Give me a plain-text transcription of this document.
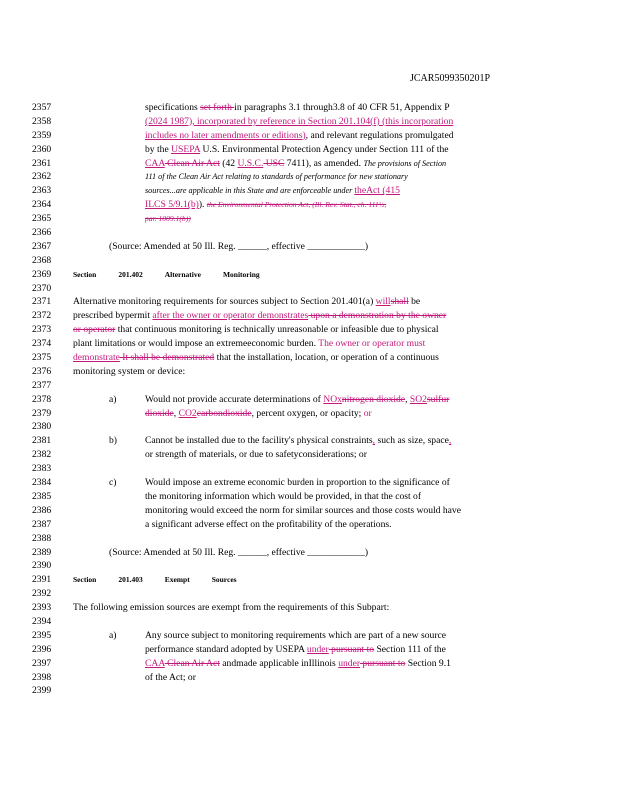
JCAR5099350201P
2357
2358
2359
2360
2361
2362
2363
2364
2365
2366
2367
2368
2369
2370
2371
2372
2373
2374
2375
2376
2377
2378
2379
2380
2381
2382
2383
2384
2385
2386
2387
2388
2389
2390
2391
2392
2393
2394
2395
2396
2397
2398
2399
specifications set forth in paragraphs 3.1 through3.8 of 40 CFR 51, Appendix P
(2024 1987), incorporated by reference in Section 201.104(f) (this incorporation
includes no later amendments or editions), and relevant regulations promulgated
by the USEPA U.S. Environmental Protection Agency under Section 111 of the
CAA Clean Air Act (42 U.S.C. USC 7411), as amended. The provisions of Section
111 of the Clean Air Act relating to standards of performance for new stationary
sources...are applicable in this State and are enforceable under theAct (415
ILCS 5/9.1(b)). the Environmental Protection Act, (Ill. Rev. Stat., ch. 111½,
par. 1009.1(b))
(Source: Amended at 50 Ill. Reg. ______, effective ____________)
Section	201.402	Alternative	Monitoring
Alternative monitoring requirements for sources subject to Section 201.401(a) willshall be
prescribed bypermit after the owner or operator demonstrates upon a demonstration by the owner
or operator that continuous monitoring is technically unreasonable or infeasible due to physical
plant limitations or would impose an extremeeconomic burden. The owner or operator must
demonstrate It shall be demonstrated that the installation, location, or operation of a continuous
monitoring system or device:
a)	Would not provide accurate determinations of NOxnitrogen dioxide, SO2sulfur
dioxide, CO2carbondioxide, percent oxygen, or opacity; or
b)	Cannot be installed due to the facility's physical constraints, such as size, space,
or strength of materials, or due to safetyconsiderations; or
c)	Would impose an extreme economic burden in proportion to the significance of
the monitoring information which would be provided, in that the cost of
monitoring would exceed the norm for similar sources and those costs would have
a significant adverse effect on the profitability of the operations.
(Source: Amended at 50 Ill. Reg. ______, effective ____________)
Section	201.403	Exempt	Sources
The following emission sources are exempt from the requirements of this Subpart:
a)	Any source subject to monitoring requirements which are part of a new source
performance standard adopted by USEPA under pursuant to Section 111 of the
CAA Clean Air Act andmade applicable inIllinois under pursuant to Section 9.1
of the Act; or
